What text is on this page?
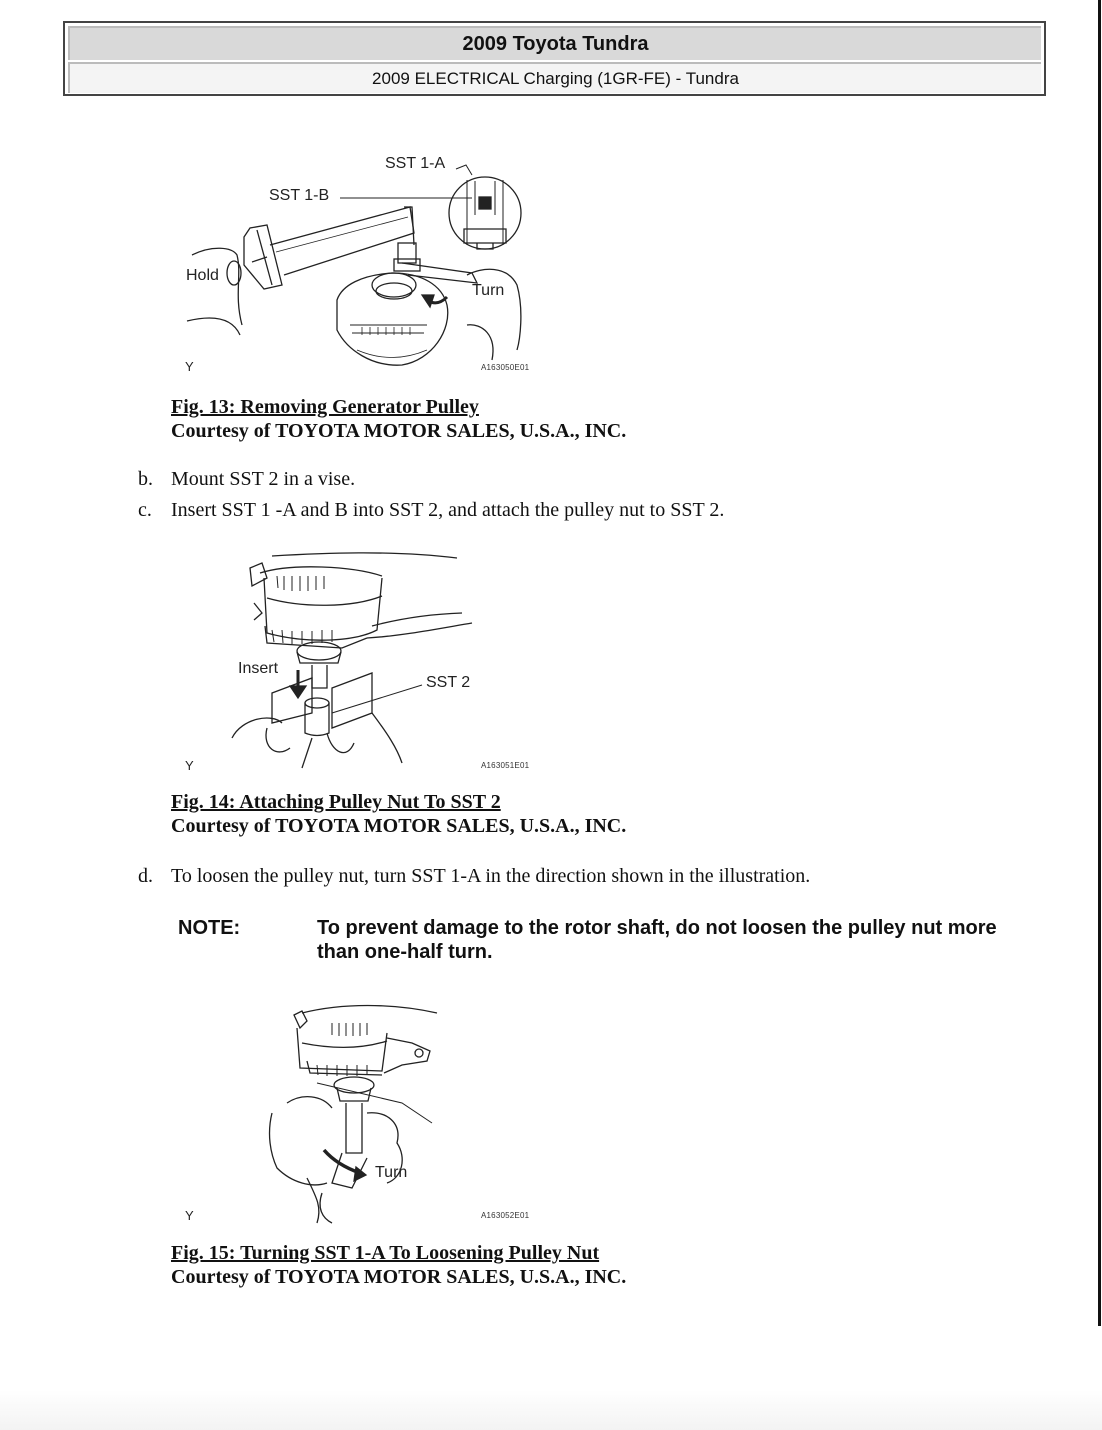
2009 Toyota Tundra
2009 ELECTRICAL Charging (1GR-FE) - Tundra
SST 1-A
SST 1-B
Hold
Turn
Y	A163050E01
Fig. 13: Removing Generator Pulley
Courtesy of TOYOTA MOTOR SALES, U.S.A., INC.
b. Mount SST 2 in a vise.
c. Insert SST 1 -A and B into SST 2, and attach the pulley nut to SST 2.
Insert
SST 2
Y	A163051E01
Fig. 14: Attaching Pulley Nut To SST 2
Courtesy of TOYOTA MOTOR SALES, U.S.A., INC.
d. To loosen the pulley nut, turn SST 1-A in the direction shown in the illustration.
NOTE:	To prevent damage to the rotor shaft, do not loosen the pulley nut more than one-half turn.
Turn
Y	A163052E01
Fig. 15: Turning SST 1-A To Loosening Pulley Nut
Courtesy of TOYOTA MOTOR SALES, U.S.A., INC.
